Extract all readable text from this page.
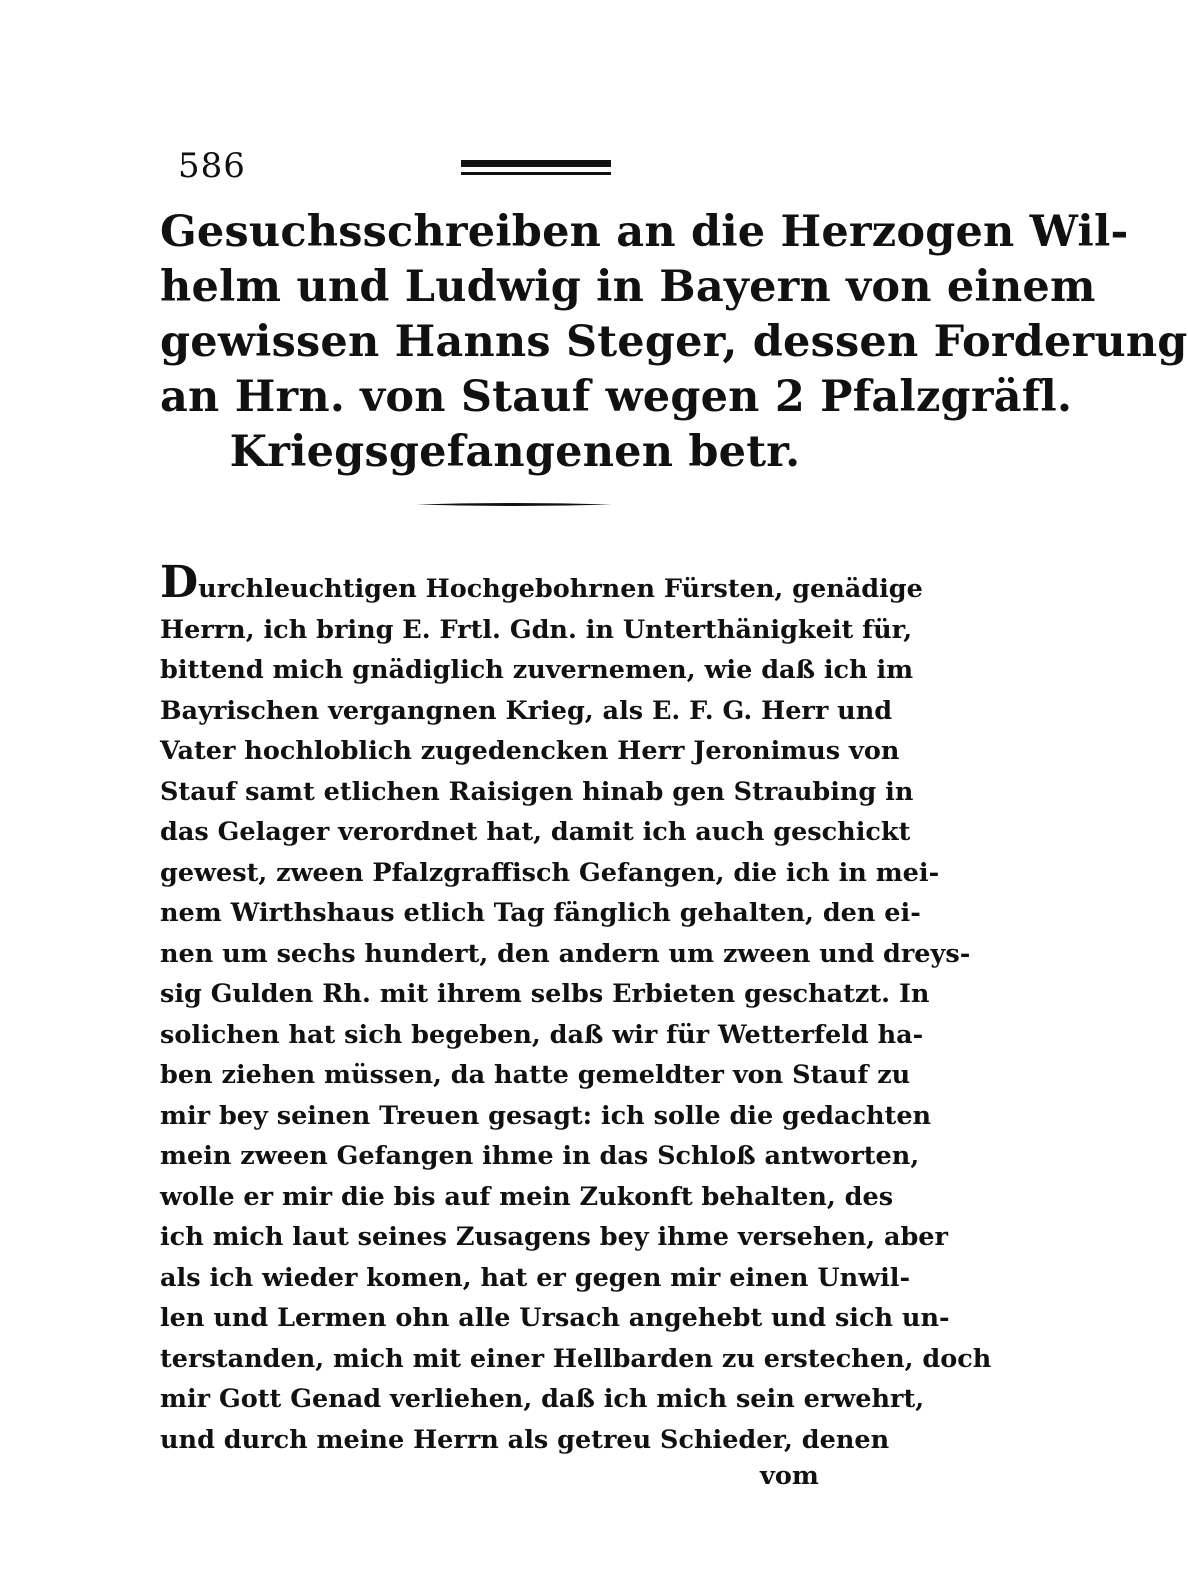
586
Gesuchsschreiben an die Herzogen Wil-
helm und Ludwig in Bayern von einem
gewissen Hanns Steger, dessen Forderung
an Hrn. von Stauf wegen 2 Pfalzgräfl.
Kriegsgefangenen betr.
Durchleuchtigen Hochgebohrnen Fürsten, genädige
Herrn, ich bring E. Frtl. Gdn. in Unterthänigkeit für,
bittend mich gnädiglich zuvernemen, wie daß ich im
Bayrischen vergangnen Krieg, als E. F. G. Herr und
Vater hochloblich zugedencken Herr Jeronimus von
Stauf samt etlichen Raisigen hinab gen Straubing in
das Gelager verordnet hat, damit ich auch geschickt
gewest, zween Pfalzgraffisch Gefangen, die ich in mei-
nem Wirthshaus etlich Tag fänglich gehalten, den ei-
nen um sechs hundert, den andern um zween und dreys-
sig Gulden Rh. mit ihrem selbs Erbieten geschatzt. In
solichen hat sich begeben, daß wir für Wetterfeld ha-
ben ziehen müssen, da hatte gemeldter von Stauf zu
mir bey seinen Treuen gesagt: ich solle die gedachten
mein zween Gefangen ihme in das Schloß antworten,
wolle er mir die bis auf mein Zukonft behalten, des
ich mich laut seines Zusagens bey ihme versehen, aber
als ich wieder komen, hat er gegen mir einen Unwil-
len und Lermen ohn alle Ursach angehebt und sich un-
terstanden, mich mit einer Hellbarden zu erstechen, doch
mir Gott Genad verliehen, daß ich mich sein erwehrt,
und durch meine Herrn als getreu Schieder, denen
vom
